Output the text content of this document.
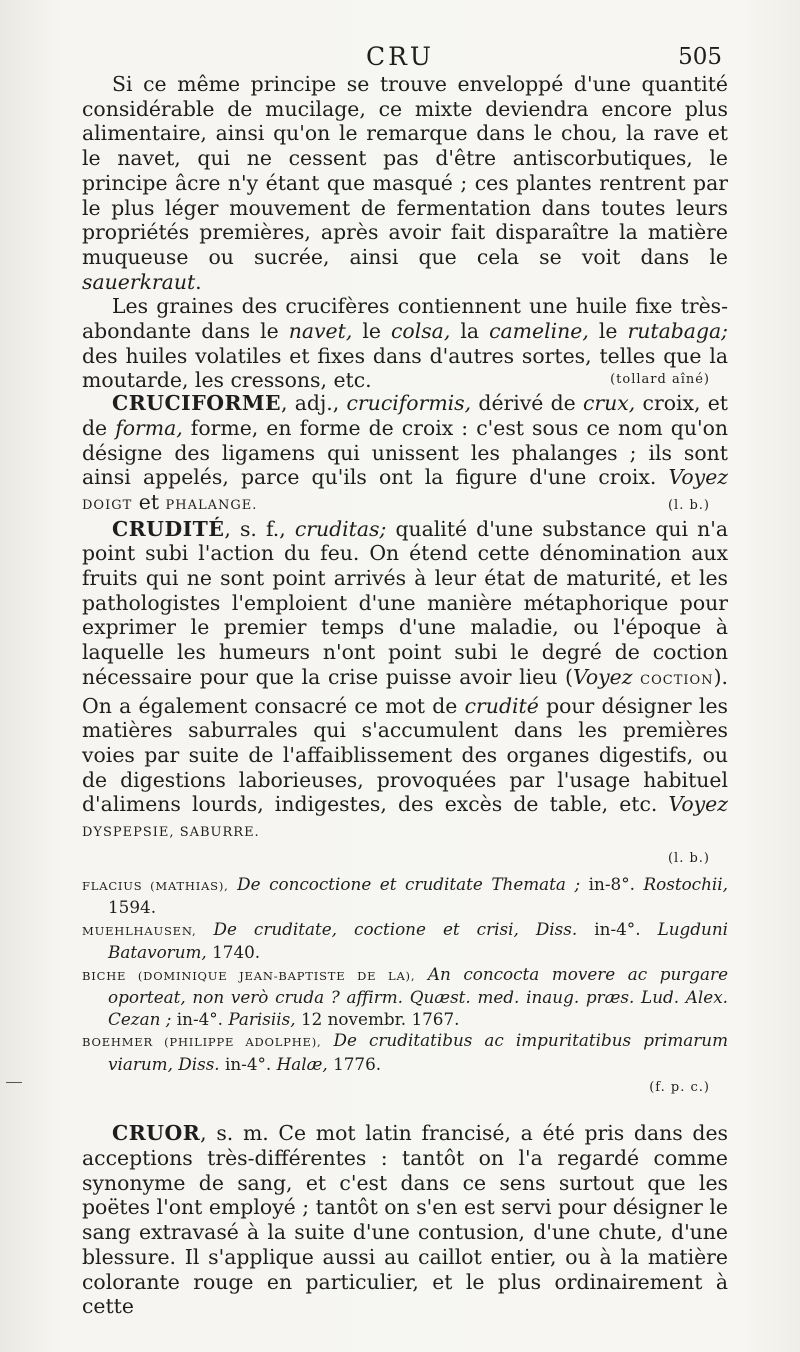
CRU	505

Si ce même principe se trouve enveloppé d'une quantité considérable de mucilage, ce mixte deviendra encore plus alimentaire, ainsi qu'on le remarque dans le chou, la rave et le navet, qui ne cessent pas d'être antiscorbutiques, le principe âcre n'y étant que masqué ; ces plantes rentrent par le plus léger mouvement de fermentation dans toutes leurs propriétés premières, après avoir fait disparaître la matière muqueuse ou sucrée, ainsi que cela se voit dans le sauerkraut.

Les graines des crucifères contiennent une huile fixe très-abondante dans le navet, le colsa, la cameline, le rutabaga; des huiles volatiles et fixes dans d'autres sortes, telles que la moutarde, les cressons, etc.	(tollard aîné)

CRUCIFORME, adj., cruciformis, dérivé de crux, croix, et de forma, forme, en forme de croix : c'est sous ce nom qu'on désigne des ligamens qui unissent les phalanges ; ils sont ainsi appelés, parce qu'ils ont la figure d'une croix. Voyez DOIGT et PHALANGE.	(l. b.)

CRUDITÉ, s. f., cruditas; qualité d'une substance qui n'a point subi l'action du feu. On étend cette dénomination aux fruits qui ne sont point arrivés à leur état de maturité, et les pathologistes l'emploient d'une manière métaphorique pour exprimer le premier temps d'une maladie, ou l'époque à laquelle les humeurs n'ont point subi le degré de coction nécessaire pour que la crise puisse avoir lieu (Voyez COCTION). On a également consacré ce mot de crudité pour désigner les matières saburrales qui s'accumulent dans les premières voies par suite de l'affaiblissement des organes digestifs, ou de digestions laborieuses, provoquées par l'usage habituel d'alimens lourds, indigestes, des excès de table, etc. Voyez DYSPEPSIE, SABURRE.

(l. b.)

FLACIUS (MATHIAS), De concoctione et cruditate Themata ; in-8°. Rostochii, 1594.

MUEHLHAUSEN, De cruditate, coctione et crisi, Diss. in-4°. Lugduni Batavorum, 1740.

BICHE (DOMINIQUE JEAN-BAPTISTE DE LA), An concocta movere ac purgare oporteat, non verò cruda ? affirm. Quæst. med. inaug. præs. Lud. Alex. Cezan ; in-4°. Parisiis, 12 novembr. 1767.

BOEHMER (PHILIPPE ADOLPHE), De cruditatibus ac impuritatibus primarum viarum, Diss. in-4°. Halæ, 1776.

(f. p. c.)

CRUOR, s. m. Ce mot latin francisé, a été pris dans des acceptions très-différentes : tantôt on l'a regardé comme synonyme de sang, et c'est dans ce sens surtout que les poëtes l'ont employé ; tantôt on s'en est servi pour désigner le sang extravasé à la suite d'une contusion, d'une chute, d'une blessure. Il s'applique aussi au caillot entier, ou à la matière colorante rouge en particulier, et le plus ordinairement à cette
